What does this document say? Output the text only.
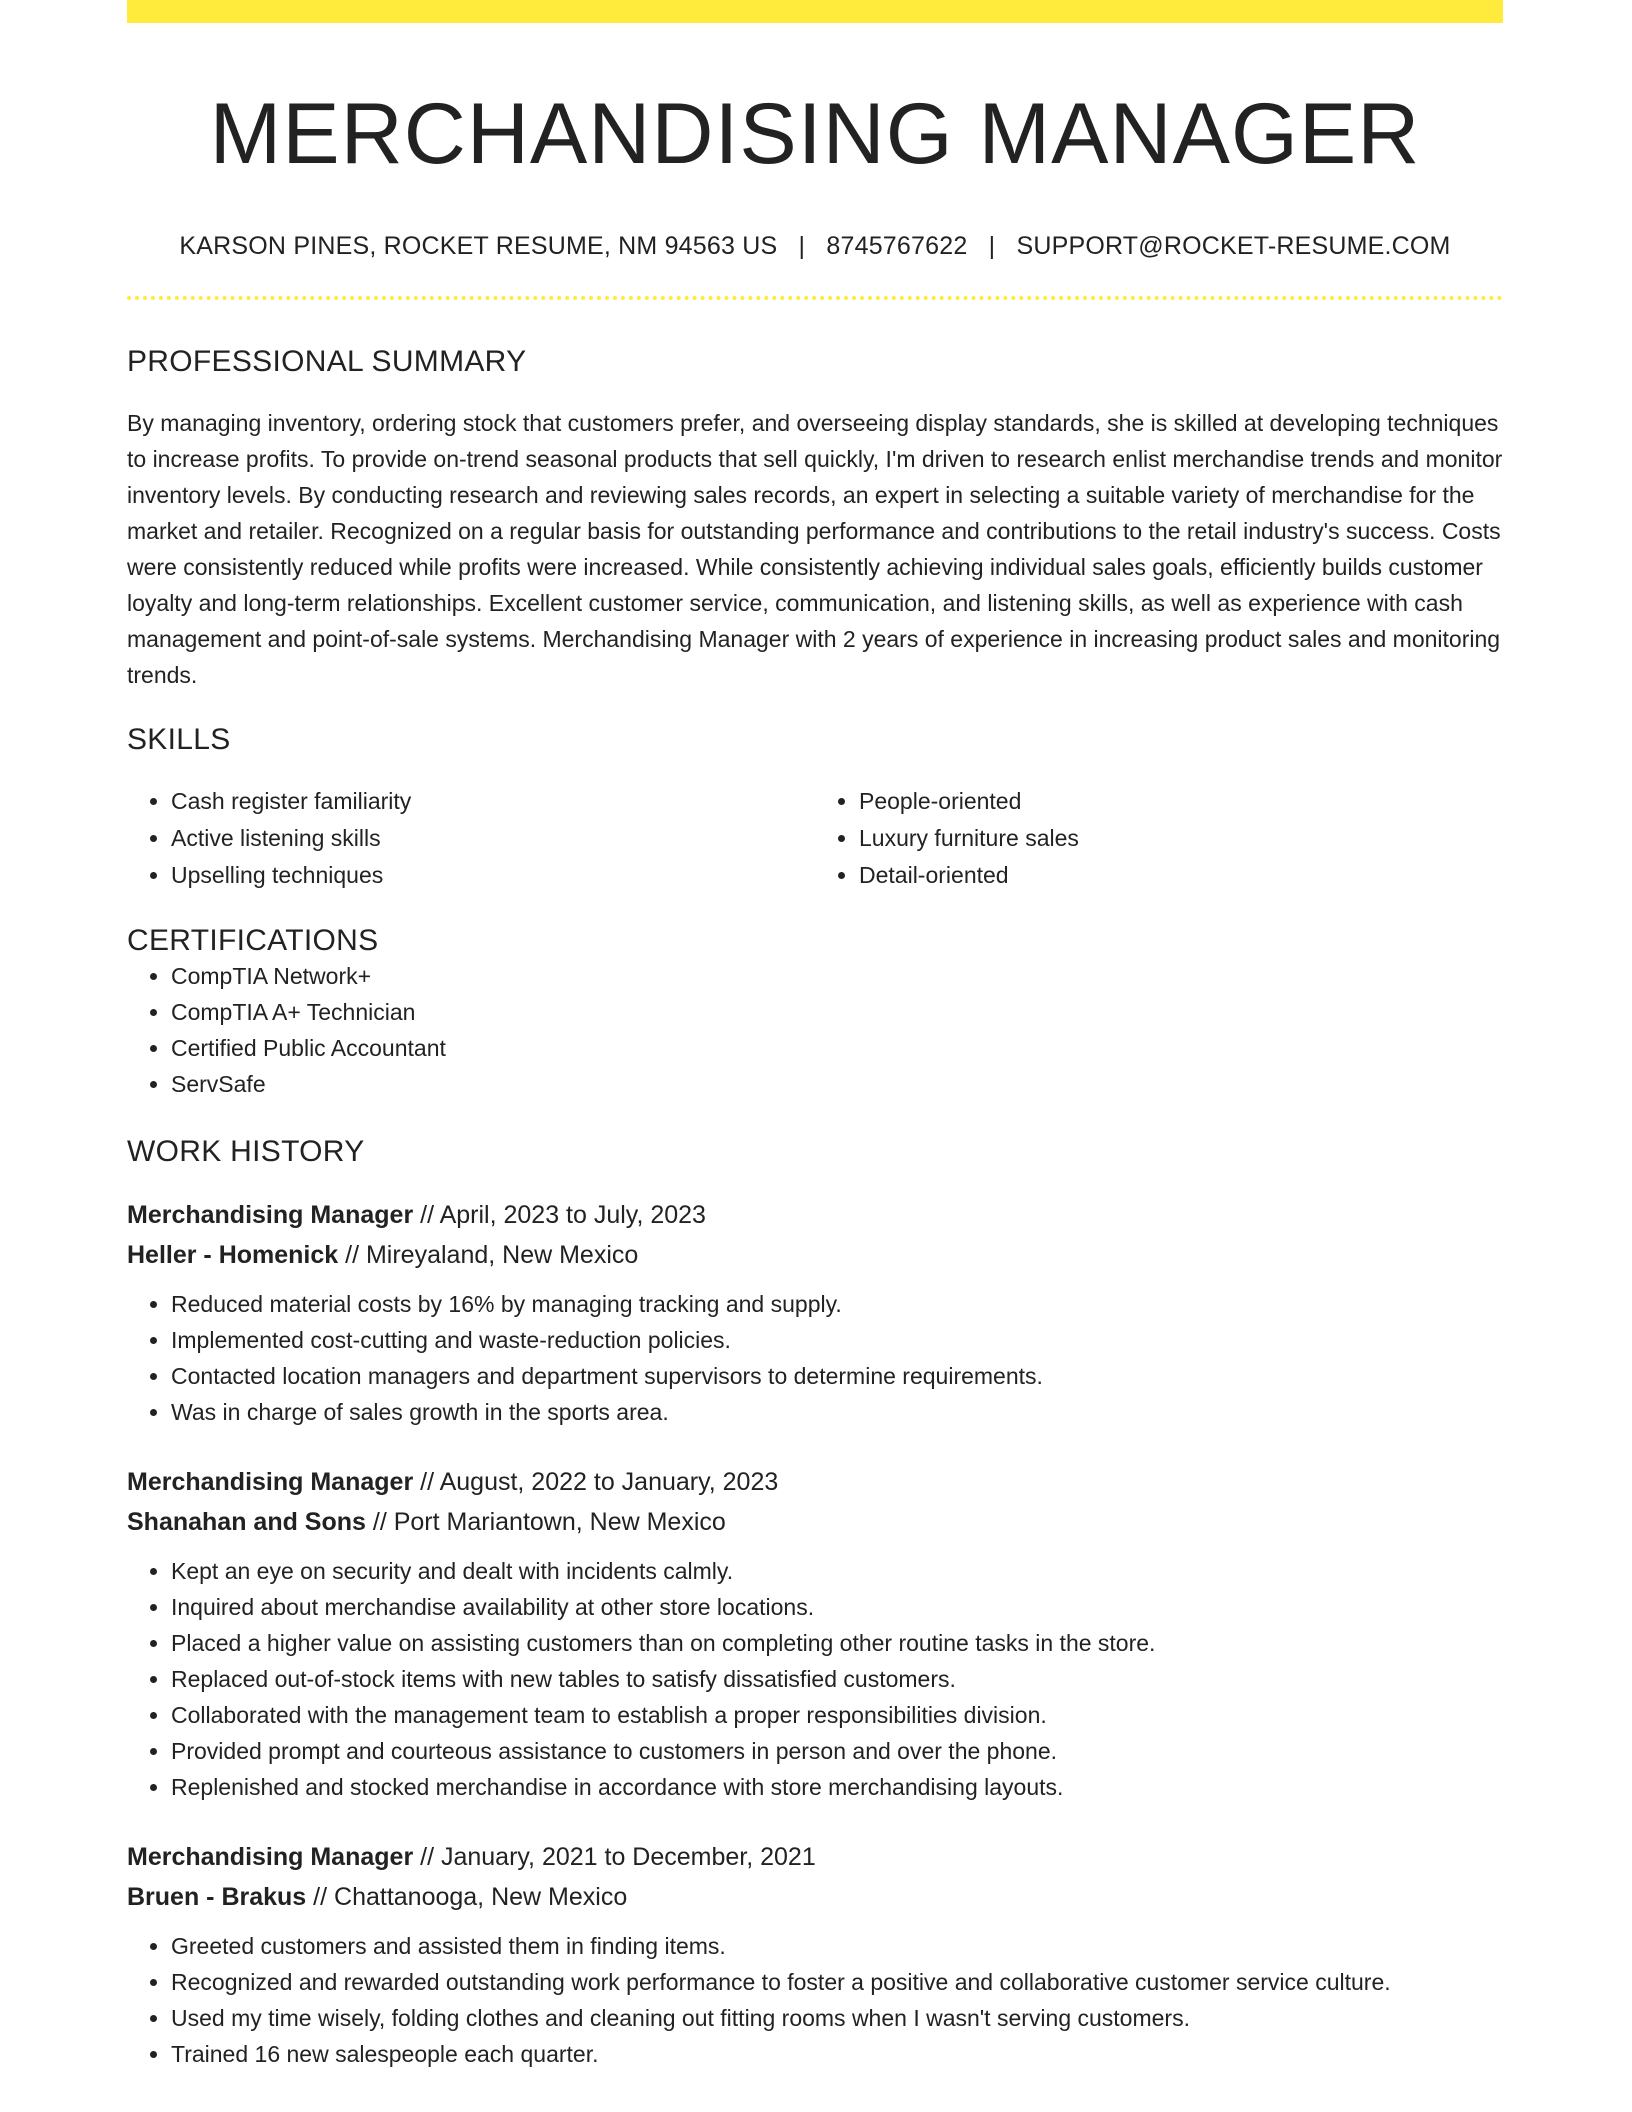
MERCHANDISING MANAGER
KARSON PINES, ROCKET RESUME, NM 94563 US | 8745767622 | SUPPORT@ROCKET-RESUME.COM
PROFESSIONAL SUMMARY
By managing inventory, ordering stock that customers prefer, and overseeing display standards, she is skilled at developing techniques to increase profits. To provide on-trend seasonal products that sell quickly, I'm driven to research enlist merchandise trends and monitor inventory levels. By conducting research and reviewing sales records, an expert in selecting a suitable variety of merchandise for the market and retailer. Recognized on a regular basis for outstanding performance and contributions to the retail industry's success. Costs were consistently reduced while profits were increased. While consistently achieving individual sales goals, efficiently builds customer loyalty and long-term relationships. Excellent customer service, communication, and listening skills, as well as experience with cash management and point-of-sale systems. Merchandising Manager with 2 years of experience in increasing product sales and monitoring trends.
SKILLS
• Cash register familiarity
• Active listening skills
• Upselling techniques
• People-oriented
• Luxury furniture sales
• Detail-oriented
CERTIFICATIONS
• CompTIA Network+
• CompTIA A+ Technician
• Certified Public Accountant
• ServSafe
WORK HISTORY
Merchandising Manager // April, 2023 to July, 2023
Heller - Homenick // Mireyaland, New Mexico
• Reduced material costs by 16% by managing tracking and supply.
• Implemented cost-cutting and waste-reduction policies.
• Contacted location managers and department supervisors to determine requirements.
• Was in charge of sales growth in the sports area.
Merchandising Manager // August, 2022 to January, 2023
Shanahan and Sons // Port Mariantown, New Mexico
• Kept an eye on security and dealt with incidents calmly.
• Inquired about merchandise availability at other store locations.
• Placed a higher value on assisting customers than on completing other routine tasks in the store.
• Replaced out-of-stock items with new tables to satisfy dissatisfied customers.
• Collaborated with the management team to establish a proper responsibilities division.
• Provided prompt and courteous assistance to customers in person and over the phone.
• Replenished and stocked merchandise in accordance with store merchandising layouts.
Merchandising Manager // January, 2021 to December, 2021
Bruen - Brakus // Chattanooga, New Mexico
• Greeted customers and assisted them in finding items.
• Recognized and rewarded outstanding work performance to foster a positive and collaborative customer service culture.
• Used my time wisely, folding clothes and cleaning out fitting rooms when I wasn't serving customers.
• Trained 16 new salespeople each quarter.
